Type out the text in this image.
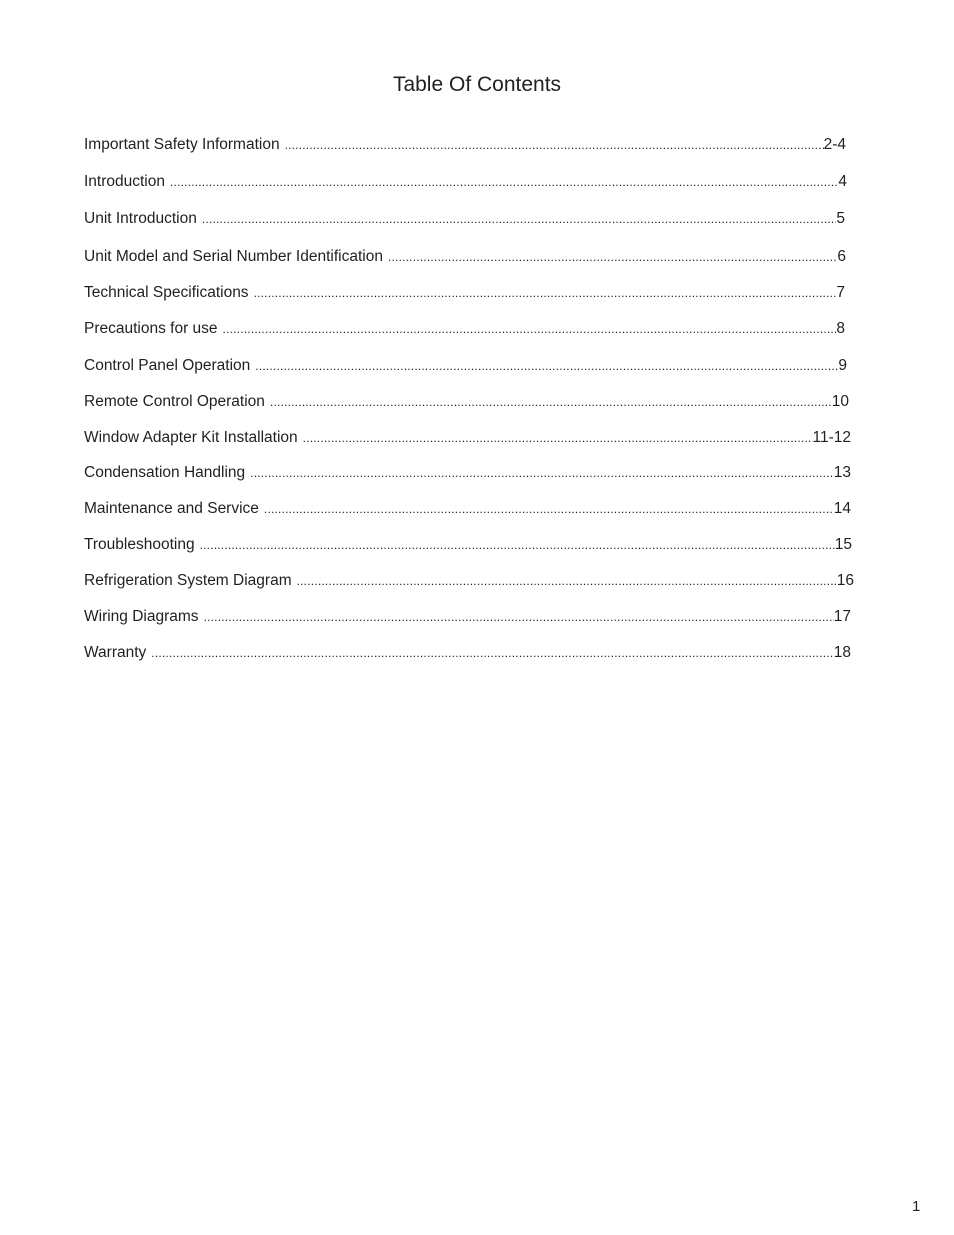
Table Of Contents
Important Safety Information .....	2-4
Introduction .....	4
Unit Introduction .....	5
Unit Model and Serial Number Identification .....	6
Technical Specifications .....	7
Precautions for use .....	8
Control Panel Operation .....	9
Remote Control Operation .....	10
Window Adapter Kit Installation .....	11-12
Condensation Handling .....	13
Maintenance and Service .....	14
Troubleshooting .....	15
Refrigeration System Diagram .....	16
Wiring Diagrams .....	17
Warranty .....	18
1
